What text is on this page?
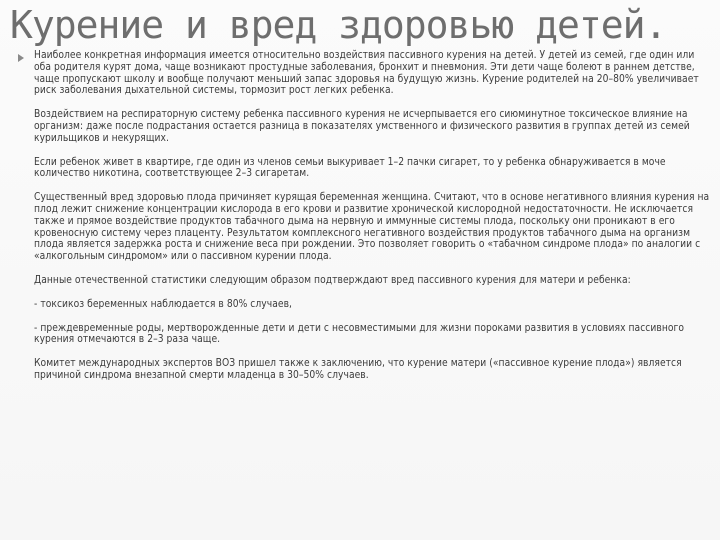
Курение и вред здоровью детей.

Наиболее конкретная информация имеется относительно воздействия пассивного курения на детей. У детей из семей, где один или оба родителя курят дома, чаще возникают простудные заболевания, бронхит и пневмония. Эти дети чаще болеют в раннем детстве, чаще пропускают школу и вообще получают меньший запас здоровья на будущую жизнь. Курение родителей на 20–80% увеличивает риск заболевания дыхательной системы, тормозит рост легких ребенка.

Воздействием на респираторную систему ребенка пассивного курения не исчерпывается его сиюминутное токсическое влияние на организм: даже после подрастания остается разница в показателях умственного и физического развития в группах детей из семей курильщиков и некурящих.

Если ребенок живет в квартире, где один из членов семьи выкуривает 1–2 пачки сигарет, то у ребенка обнаруживается в моче количество никотина, соответствующее 2–3 сигаретам.

Существенный вред здоровью плода причиняет курящая беременная женщина. Считают, что в основе негативного влияния курения на плод лежит снижение концентрации кислорода в его крови и развитие хронической кислородной недостаточности. Не исключается также и прямое воздействие продуктов табачного дыма на нервную и иммунные системы плода, поскольку они проникают в его кровеносную систему через плаценту. Результатом комплексного негативного воздействия продуктов табачного дыма на организм плода является задержка роста и снижение веса при рождении. Это позволяет говорить о «табачном синдроме плода» по аналогии с «алкогольным синдромом» или о пассивном курении плода.

Данные отечественной статистики следующим образом подтверждают вред пассивного курения для матери и ребенка:

- токсикоз беременных наблюдается в 80% случаев,

- преждевременные роды, мертворожденные дети и дети с несовместимыми для жизни пороками развития в условиях пассивного курения отмечаются в 2–3 раза чаще.

Комитет международных экспертов ВОЗ пришел также к заключению, что курение матери («пассивное курение плода») является причиной синдрома внезапной смерти младенца в 30–50% случаев.
